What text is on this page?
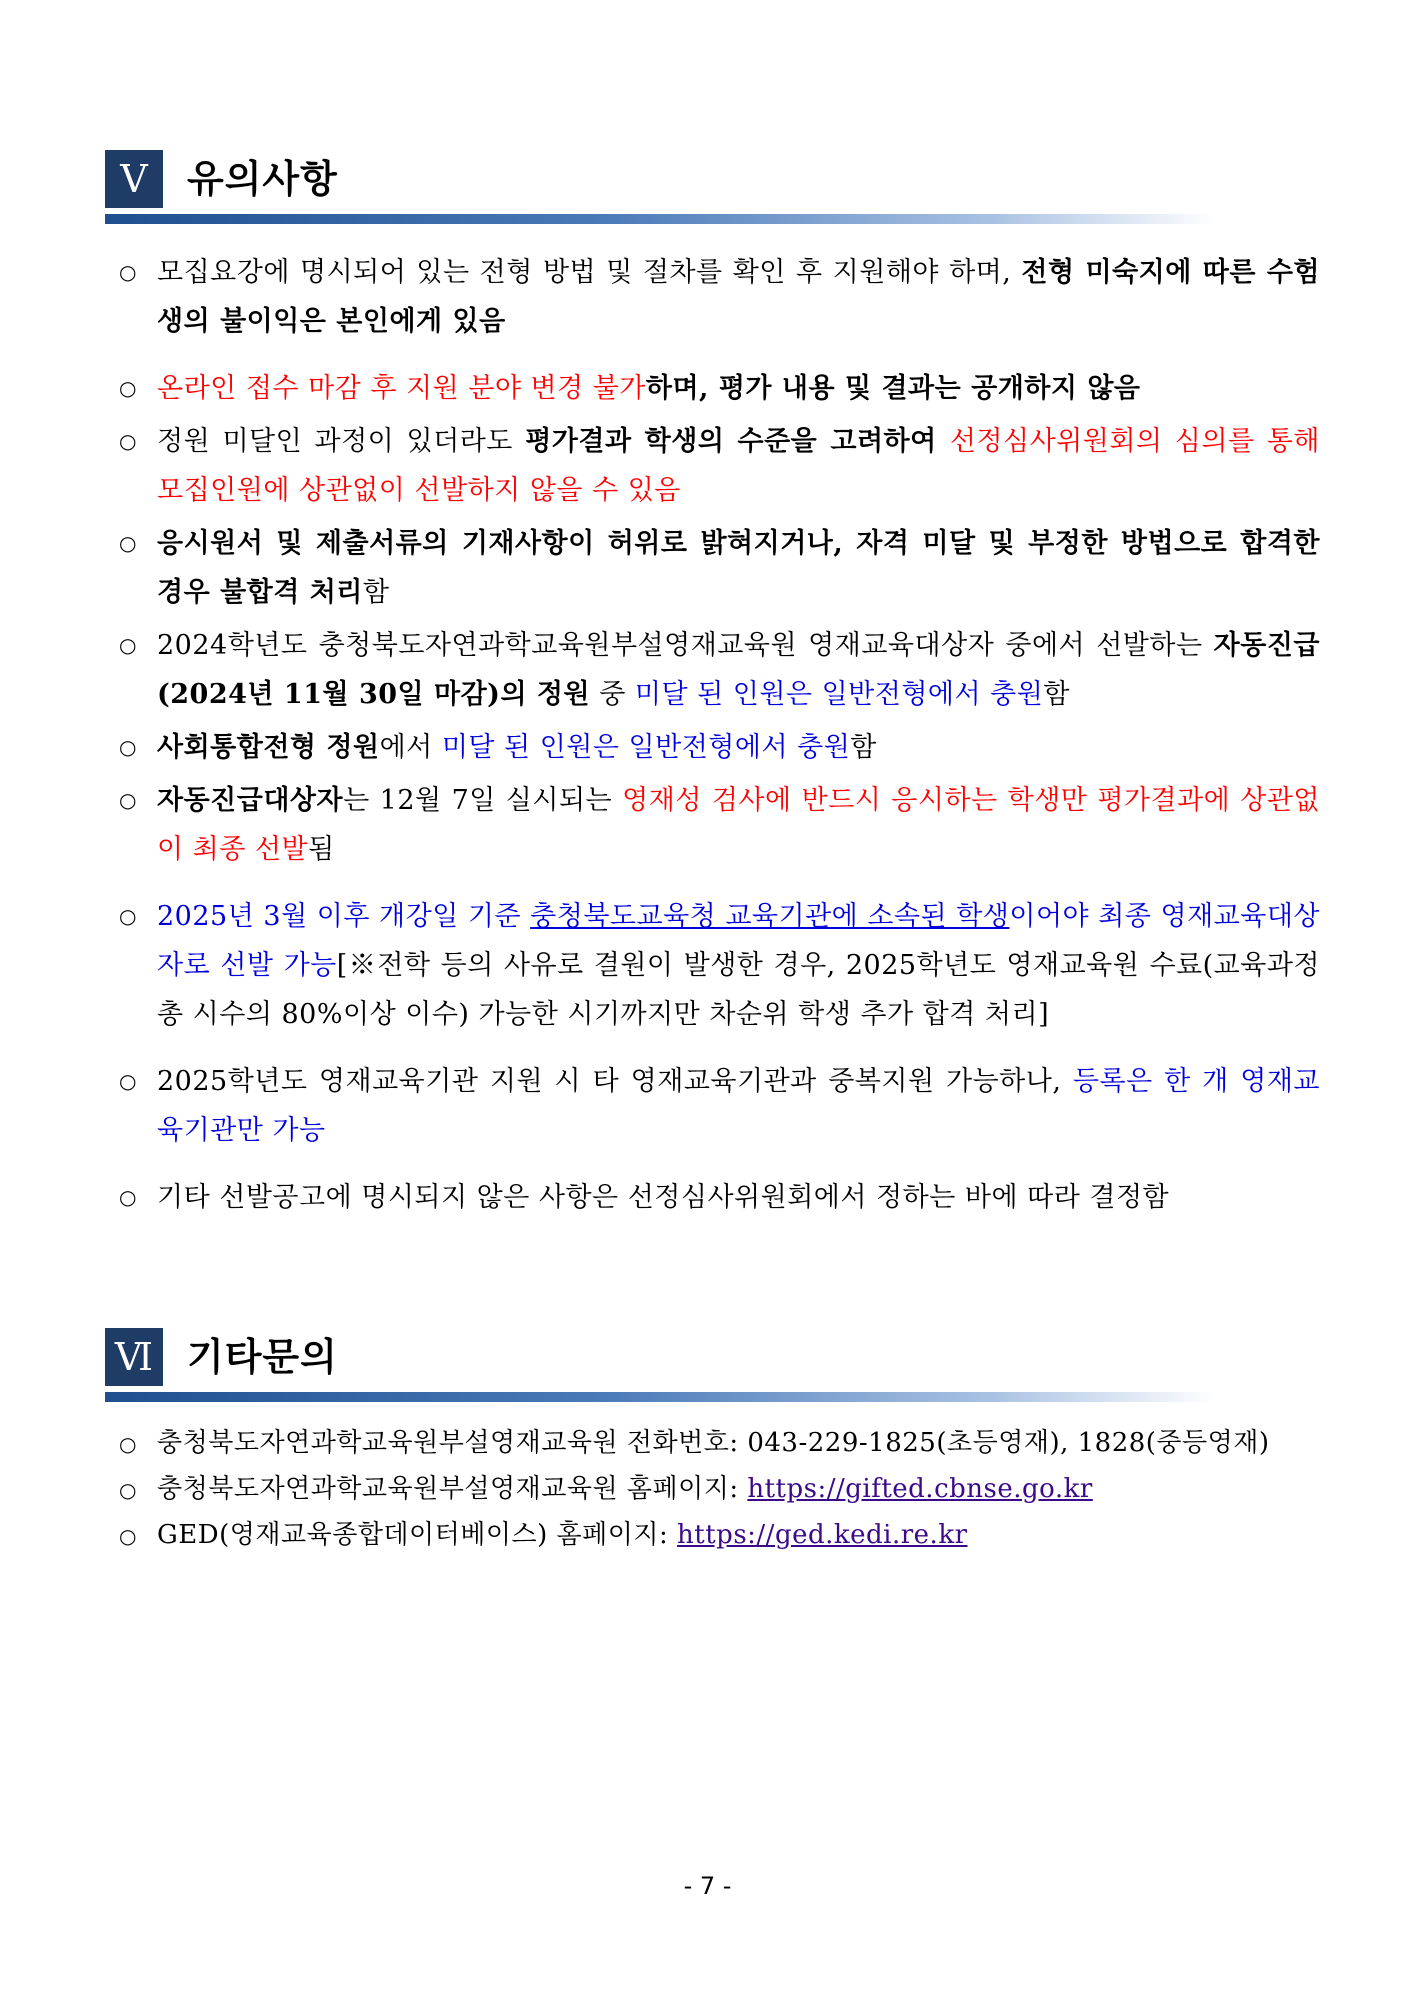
V	유의사항

○ 모집요강에 명시되어 있는 전형 방법 및 절차를 확인 후 지원해야 하며, 전형 미숙지에 따른 수험생의 불이익은 본인에게 있음

○ 온라인 접수 마감 후 지원 분야 변경 불가하며, 평가 내용 및 결과는 공개하지 않음

○ 정원 미달인 과정이 있더라도 평가결과 학생의 수준을 고려하여 선정심사위원회의 심의를 통해 모집인원에 상관없이 선발하지 않을 수 있음

○ 응시원서 및 제출서류의 기재사항이 허위로 밝혀지거나, 자격 미달 및 부정한 방법으로 합격한 경우 불합격 처리함

○ 2024학년도 충청북도자연과학교육원부설영재교육원 영재교육대상자 중에서 선발하는 자동진급(2024년 11월 30일 마감)의 정원 중 미달 된 인원은 일반전형에서 충원함

○ 사회통합전형 정원에서 미달 된 인원은 일반전형에서 충원함

○ 자동진급대상자는 12월 7일 실시되는 영재성 검사에 반드시 응시하는 학생만 평가결과에 상관없이 최종 선발됨

○ 2025년 3월 이후 개강일 기준 충청북도교육청 교육기관에 소속된 학생이어야 최종 영재교육대상자로 선발 가능[※전학 등의 사유로 결원이 발생한 경우, 2025학년도 영재교육원 수료(교육과정 총 시수의 80%이상 이수) 가능한 시기까지만 차순위 학생 추가 합격 처리]

○ 2025학년도 영재교육기관 지원 시 타 영재교육기관과 중복지원 가능하나, 등록은 한 개 영재교육기관만 가능

○ 기타 선발공고에 명시되지 않은 사항은 선정심사위원회에서 정하는 바에 따라 결정함

Ⅵ 기타문의

○ 충청북도자연과학교육원부설영재교육원 전화번호: 043-229-1825(초등영재), 1828(중등영재)

○ 충청북도자연과학교육원부설영재교육원 홈페이지: https://gifted.cbnse.go.kr

○ GED(영재교육종합데이터베이스) 홈페이지: https://ged.kedi.re.kr

- 7 -
